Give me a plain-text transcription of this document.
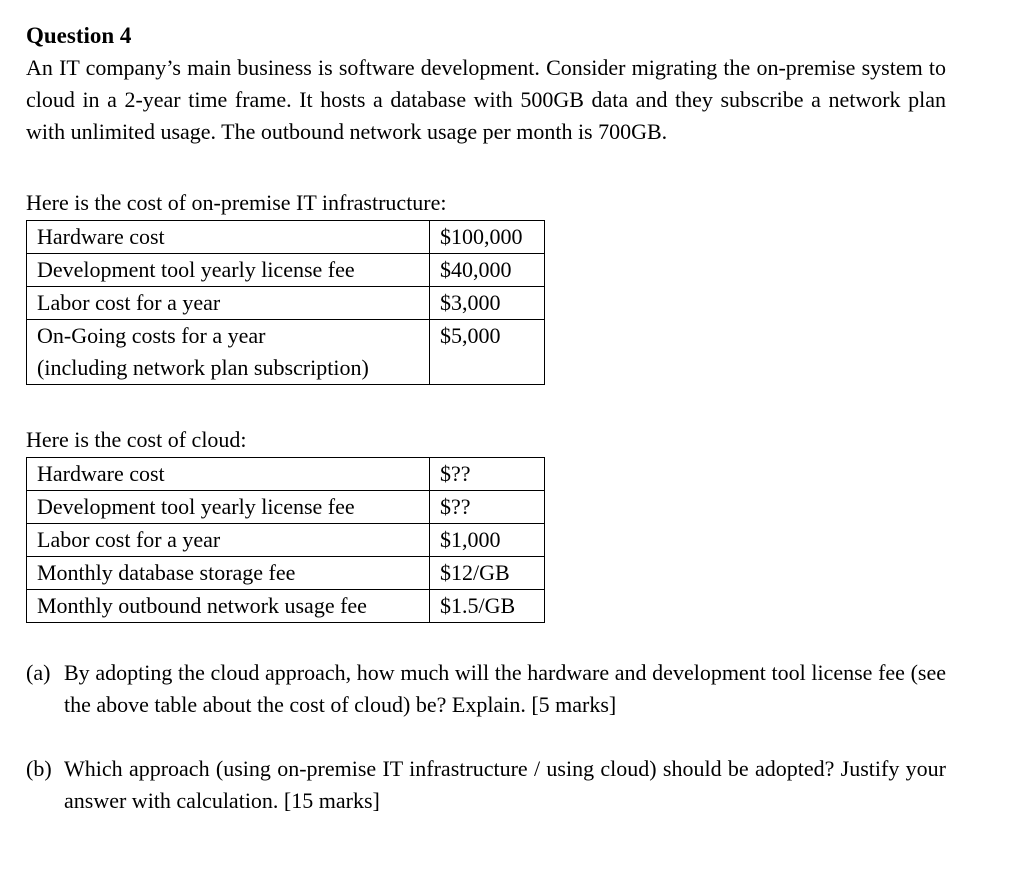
Question 4

An IT company’s main business is software development. Consider migrating the on-premise system to cloud in a 2-year time frame. It hosts a database with 500GB data and they subscribe a network plan with unlimited usage. The outbound network usage per month is 700GB.

Here is the cost of on-premise IT infrastructure:

Hardware cost	$100,000
Development tool yearly license fee	$40,000
Labor cost for a year	$3,000

On-Going costs for a year
(including network plan subscription)	$5,000

Here is the cost of cloud:

Hardware cost	$??
Development tool yearly license fee	$??
Labor cost for a year	$1,000
Monthly database storage fee	$12/GB
Monthly outbound network usage fee	$1.5/GB
(a) By adopting the cloud approach, how much will the hardware and development tool license fee (see the above table about the cost of cloud) be? Explain. [5 marks]
(b) Which approach (using on-premise IT infrastructure / using cloud) should be adopted? Justify your answer with calculation. [15 marks]
